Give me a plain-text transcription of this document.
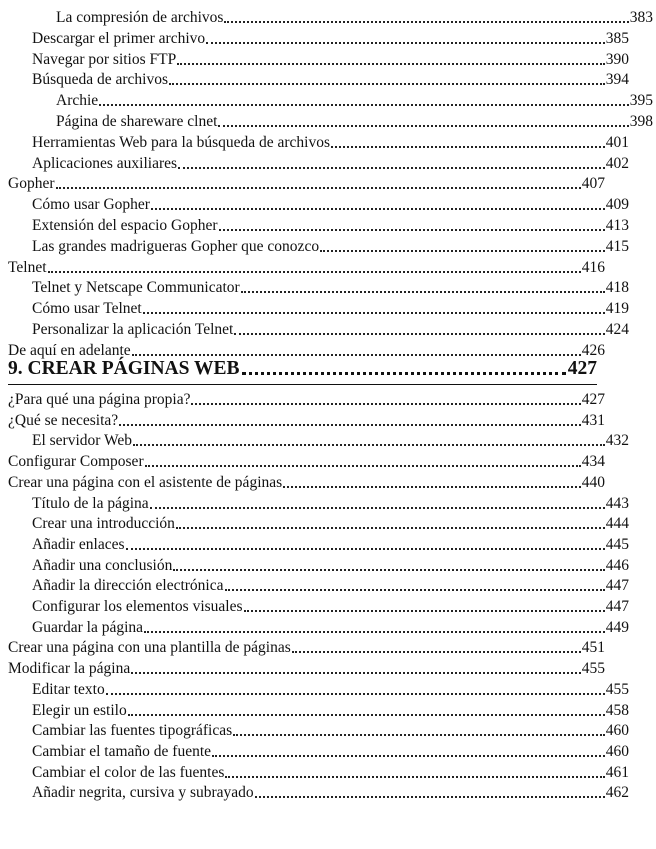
La compresión de archivos	383
Descargar el primer archivo	385
Navegar por sitios FTP	390
Búsqueda de archivos	394
Archie	395
Página de shareware clnet	398
Herramientas Web para la búsqueda de archivos	401
Aplicaciones auxiliares	402
Gopher	407
Cómo usar Gopher	409
Extensión del espacio Gopher	413
Las grandes madrigueras Gopher que conozco	415
Telnet	416
Telnet y Netscape Communicator	418
Cómo usar Telnet	419
Personalizar la aplicación Telnet	424
De aquí en adelante	426
9. CREAR PÁGINAS WEB	427
¿Para qué una página propia?	427
¿Qué se necesita?	431
El servidor Web	432
Configurar Composer	434
Crear una página con el asistente de páginas	440
Título de la página	443
Crear una introducción	444
Añadir enlaces	445
Añadir una conclusión	446
Añadir la dirección electrónica	447
Configurar los elementos visuales	447
Guardar la página	449
Crear una página con una plantilla de páginas	451
Modificar la página	455
Editar texto	455
Elegir un estilo	458
Cambiar las fuentes tipográficas	460
Cambiar el tamaño de fuente	460
Cambiar el color de las fuentes	461
Añadir negrita, cursiva y subrayado	462
